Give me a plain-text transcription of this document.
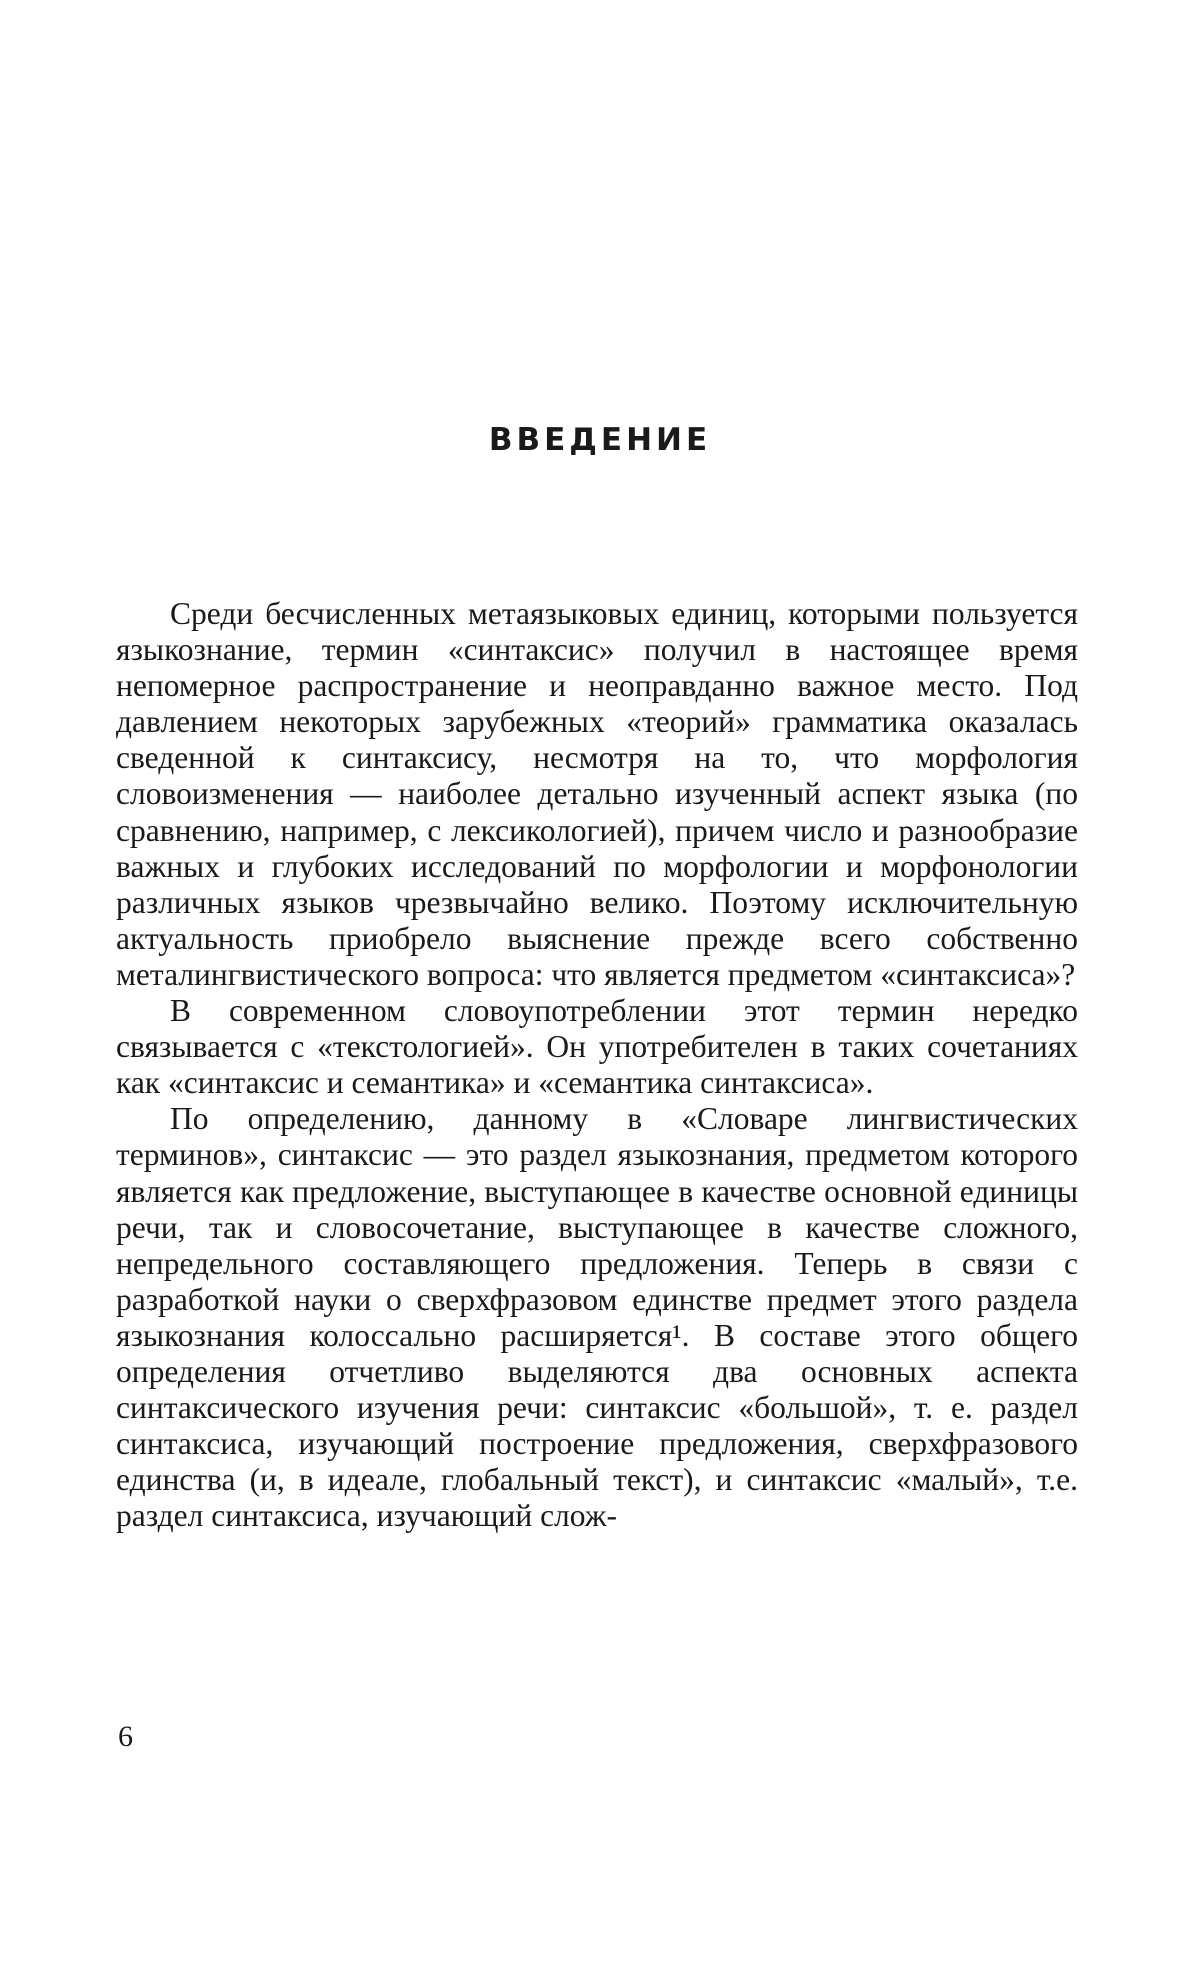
ВВЕДЕНИЕ

Среди бесчисленных метаязыковых единиц, которыми пользуется языкознание, термин «синтаксис» получил в настоящее время непомерное распространение и неоправданно важное место. Под давлением некоторых зарубежных «теорий» грамматика оказалась сведенной к синтаксису, несмотря на то, что морфология словоизменения — наиболее детально изученный аспект языка (по сравнению, например, с лексикологией), причем число и разнообразие важных и глубоких исследований по морфологии и морфонологии различных языков чрезвычайно велико. Поэтому исключительную актуальность приобрело выяснение прежде всего собственно металингвистического вопроса: что является предметом «синтаксиса»?

В современном словоупотреблении этот термин нередко связывается с «текстологией». Он употребителен в таких сочетаниях как «синтаксис и семантика» и «семантика синтаксиса».

По определению, данному в «Словаре лингвистических терминов», синтаксис — это раздел языкознания, предметом которого является как предложение, выступающее в качестве основной единицы речи, так и словосочетание, выступающее в качестве сложного, непредельного составляющего предложения. Теперь в связи с разработкой науки о сверхфразовом единстве предмет этого раздела языкознания колоссально расширяется¹. В составе этого общего определения отчетливо выделяются два основных аспекта синтаксического изучения речи: синтаксис «большой», т. е. раздел синтаксиса, изучающий построение предложения, сверхфразового единства (и, в идеале, глобальный текст), и синтаксис «малый», т.е. раздел синтаксиса, изучающий слож-

6
